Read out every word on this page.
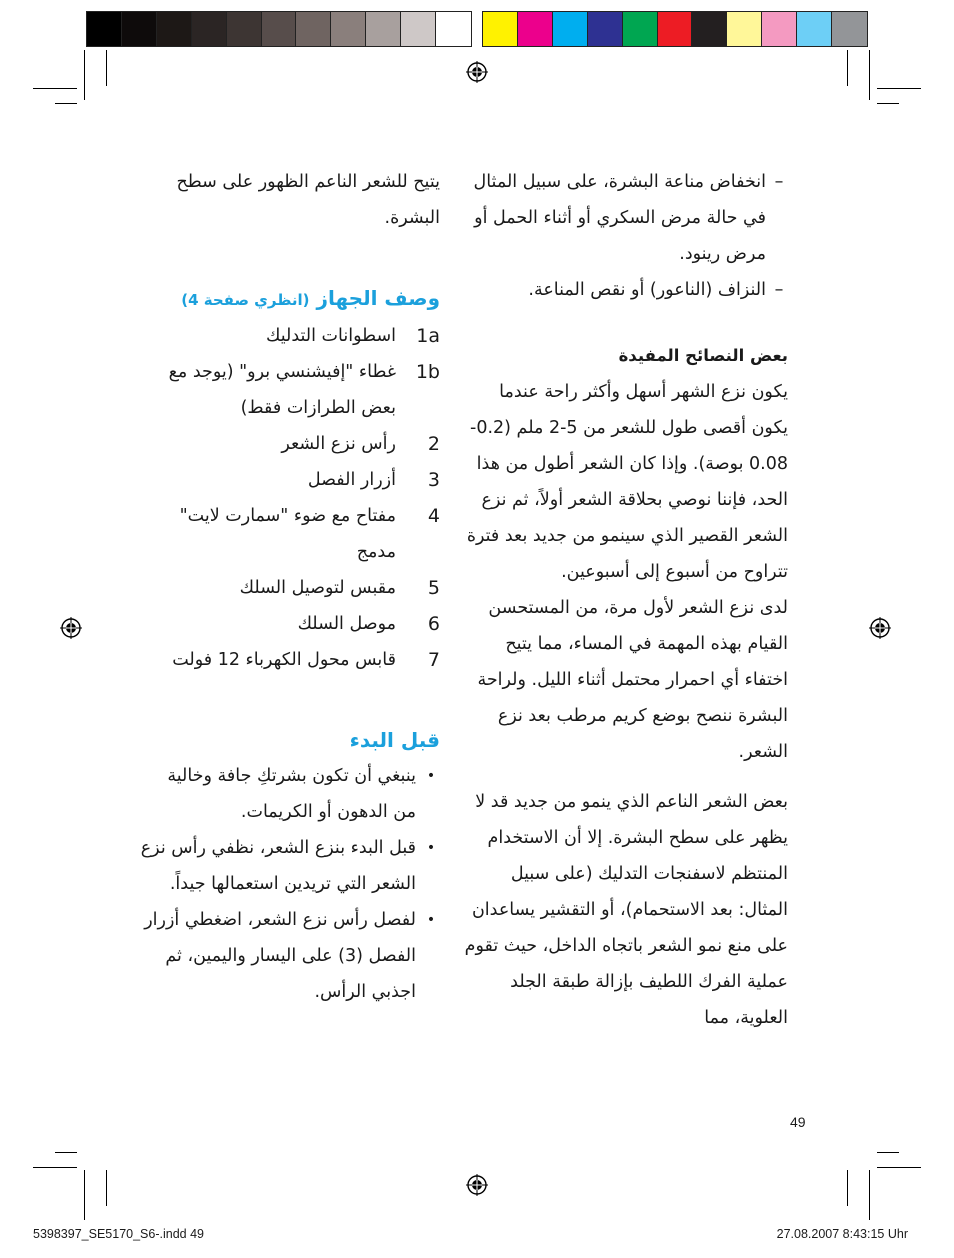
–
انخفاض مناعة البشرة، على سبيل المثال في حالة مرض السكري أو أثناء الحمل أو مرض رينود.
–
النزاف (الناعور) أو نقص المناعة.
بعض النصائح المفيدة
يكون نزع الشهر أسهل وأكثر راحة عندما يكون أقصى طول للشعر من 5-2 ملم (0.2-0.08 بوصة). وإذا كان الشعر أطول من هذا الحد، فإننا نوصي بحلاقة الشعر أولاً، ثم نزع الشعر القصير الذي سينمو من جديد بعد فترة تتراوح من أسبوع إلى أسبوعين.
لدى نزع الشعر لأول مرة، من المستحسن القيام بهذه المهمة في المساء، مما يتيح اختفاء أي احمرار محتمل أثناء الليل. ولراحة البشرة ننصح بوضع كريم مرطب بعد نزع الشعر.
بعض الشعر الناعم الذي ينمو من جديد قد لا يظهر على سطح البشرة. إلا أن الاستخدام المنتظم لاسفنجات التدليك (على سبيل المثال: بعد الاستحمام)، أو التقشير يساعدان على منع نمو الشعر باتجاه الداخل، حيث تقوم عملية الفرك اللطيف بإزالة طبقة الجلد العلوية، مما
يتيح للشعر الناعم الظهور على سطح البشرة.
وصف الجهاز (انظري صفحة 4)
1a
اسطوانات التدليك
1b
غطاء "إفيشنسي برو" (يوجد مع بعض الطرازات فقط)
2
رأس نزع الشعر
3
أزرار الفصل
4
مفتاح مع ضوء "سمارت لايت" مدمج
5
مقبس لتوصيل السلك
6
موصل السلك
7
قابس محول الكهرباء 12 فولت
قبل البدء
•
ينبغي أن تكون بشرتكِ جافة وخالية من الدهون أو الكريمات.
•
قبل البدء بنزع الشعر، نظفي رأس نزع الشعر التي تريدين استعمالها جيداً.
•
لفصل رأس نزع الشعر، اضغطي أزرار الفصل (3) على اليسار واليمين، ثم اجذبي الرأس.
49
5398397_SE5170_S6-.indd 49	27.08.2007 8:43:15 Uhr
